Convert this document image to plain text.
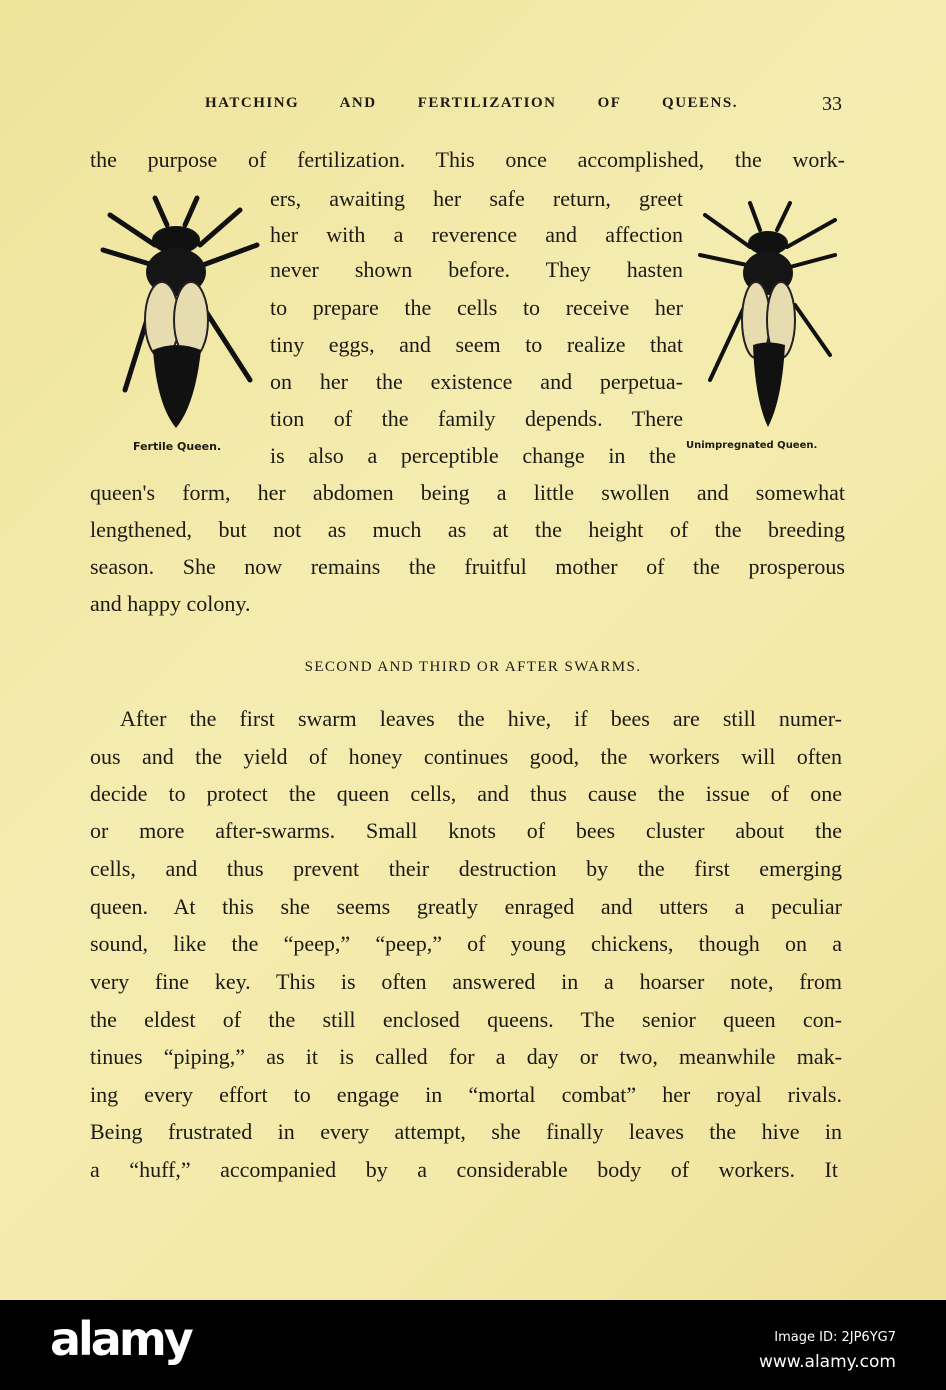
HATCHING AND FERTILIZATION OF QUEENS.	33
the purpose of fertilization. This once accomplished, the work-
Fertile Queen.	Unimpregnated Queen.
ers, awaiting her safe return, greet
her with a reverence and affection
never shown before. They hasten
to prepare the cells to receive her
tiny eggs, and seem to realize that
on her the existence and perpetua-
tion of the family depends. There
is also a perceptible change in the
queen's form, her abdomen being a little swollen and somewhat
lengthened, but not as much as at the height of the breeding
season. She now remains the fruitful mother of the prosperous
and happy colony.
SECOND AND THIRD OR AFTER SWARMS.
After the first swarm leaves the hive, if bees are still numer-
ous and the yield of honey continues good, the workers will often
decide to protect the queen cells, and thus cause the issue of one
or more after-swarms. Small knots of bees cluster about the
cells, and thus prevent their destruction by the first emerging
queen. At this she seems greatly enraged and utters a peculiar
sound, like the “peep,” “peep,” of young chickens, though on a
very fine key. This is often answered in a hoarser note, from
the eldest of the still enclosed queens. The senior queen con-
tinues “piping,” as it is called for a day or two, meanwhile mak-
ing every effort to engage in “mortal combat” her royal rivals.
Being frustrated in every attempt, she finally leaves the hive in
a “huff,” accompanied by a considerable body of workers. It
alamy	Image ID: 2JP6YG7
www.alamy.com
